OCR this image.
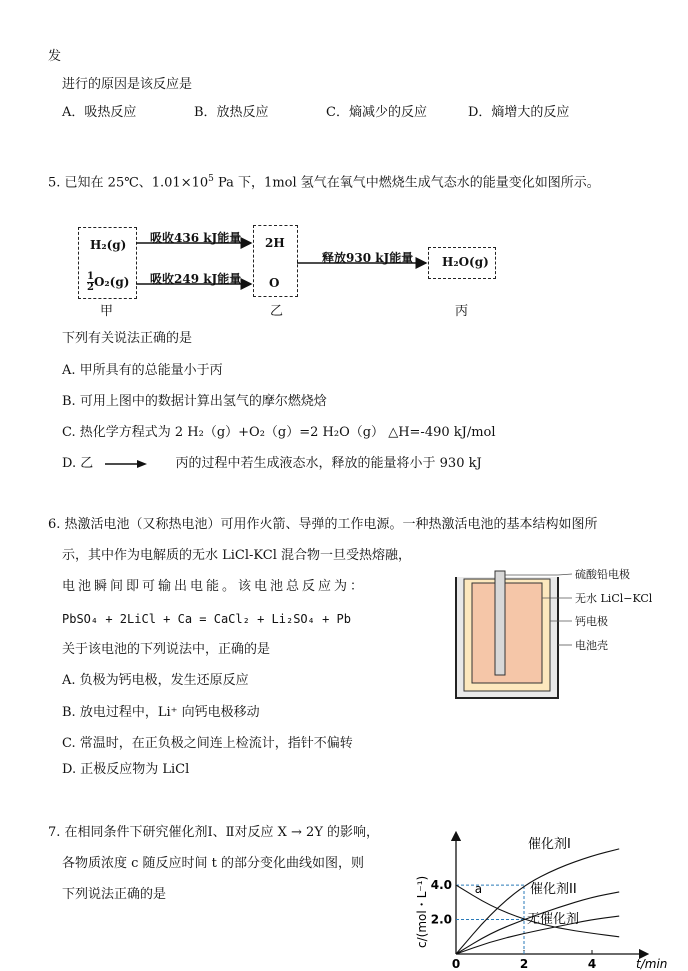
发
进行的原因是该反应是
A．吸热反应	B．放热反应	C．熵减少的反应	D．熵增大的反应
5. 已知在 25℃、$1.01\times 10^5$ Pa 下，1mol 氢气在氧气中燃烧生成气态水的能量变化如图所示。
H₂(g)
$\frac{1}{2} O_2(g)$
吸收436 kJ能量
吸收249 kJ能量
2H
O
释放930 kJ能量 H₂O(g)
甲	乙	丙
下列有关说法正确的是
A. 甲所具有的总能量小于丙
B. 可用上图中的数据计算出氢气的摩尔燃烧焓
C. 热化学方程式为 2 H₂（g）+O₂（g）=2 H₂O（g） △H=-490 kJ/mol
D. 乙	丙的过程中若生成液态水，释放的能量将小于 930 kJ
6. 热激活电池（又称热电池）可用作火箭、导弹的工作电源。一种热激活电池的基本结构如图所
示，其中作为电解质的无水 LiCl-KCl 混合物一旦受热熔融，
电池瞬间即可输出电能。该电池总反应为：
PbSO₄ + 2LiCl + Ca = CaCl₂ + Li₂SO₄ + Pb
关于该电池的下列说法中，正确的是
A. 负极为钙电极，发生还原反应
B. 放电过程中，Li⁺ 向钙电极移动
C. 常温时，在正负极之间连上检流计，指针不偏转
D. 正极反应物为 LiCl
硫酸铅电极
无水 LiCl−KCl
钙电极
电池壳
7. 在相同条件下研究催化剂Ⅰ、Ⅱ对反应 X → 2Y 的影响，
各物质浓度 c 随反应时间 t 的部分变化曲线如图，则
下列说法正确的是
0	2	4
2.0
4.0
t/min
c/(mol・L⁻¹)
催化剂I
催化剂II
无催化剂
a
